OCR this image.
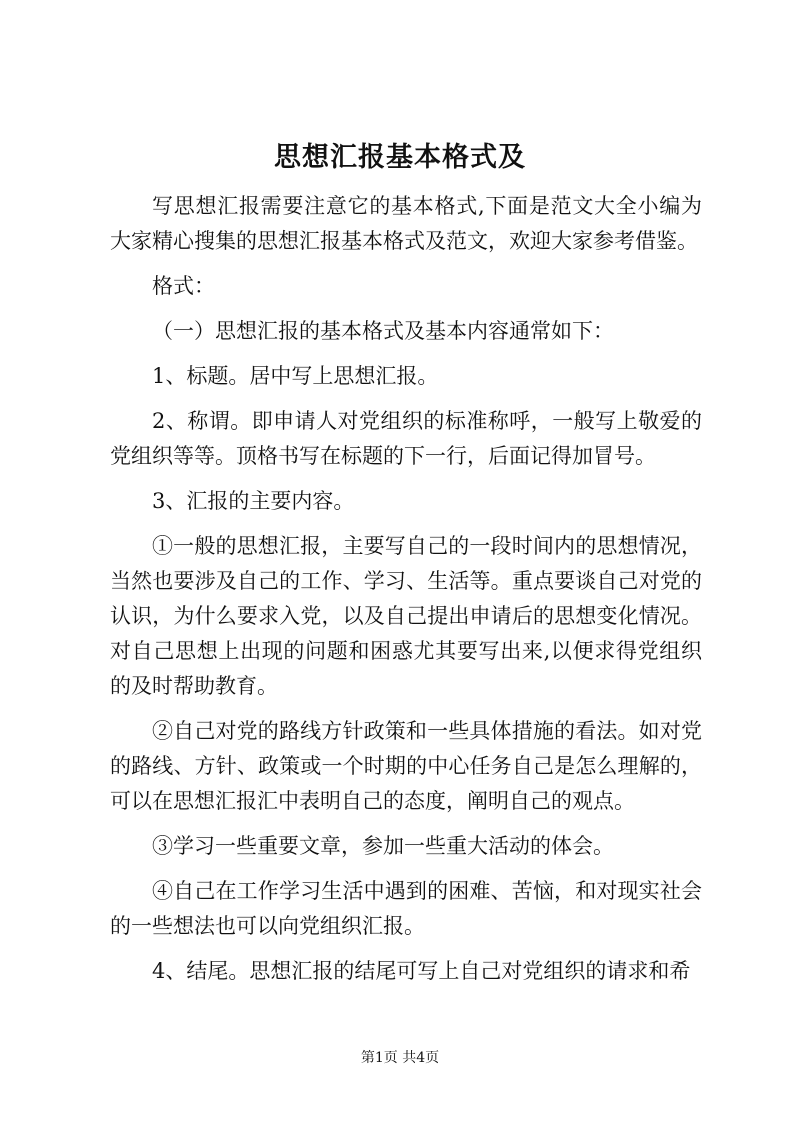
思想汇报基本格式及

写思想汇报需要注意它的基本格式,下面是范文大全小编为大家精心搜集的思想汇报基本格式及范文，欢迎大家参考借鉴。

格式：

（一）思想汇报的基本格式及基本内容通常如下：

1、标题。居中写上思想汇报。

2、称谓。即申请人对党组织的标准称呼，一般写上敬爱的党组织等等。顶格书写在标题的下一行，后面记得加冒号。

3、汇报的主要内容。

①一般的思想汇报，主要写自己的一段时间内的思想情况，当然也要涉及自己的工作、学习、生活等。重点要谈自己对党的认识，为什么要求入党，以及自己提出申请后的思想变化情况。对自己思想上出现的问题和困惑尤其要写出来,以便求得党组织的及时帮助教育。

②自己对党的路线方针政策和一些具体措施的看法。如对党的路线、方针、政策或一个时期的中心任务自己是怎么理解的，可以在思想汇报汇中表明自己的态度，阐明自己的观点。

③学习一些重要文章，参加一些重大活动的体会。

④自己在工作学习生活中遇到的困难、苦恼，和对现实社会的一些想法也可以向党组织汇报。

4、结尾。思想汇报的结尾可写上自己对党组织的请求和希

第1页 共4页
